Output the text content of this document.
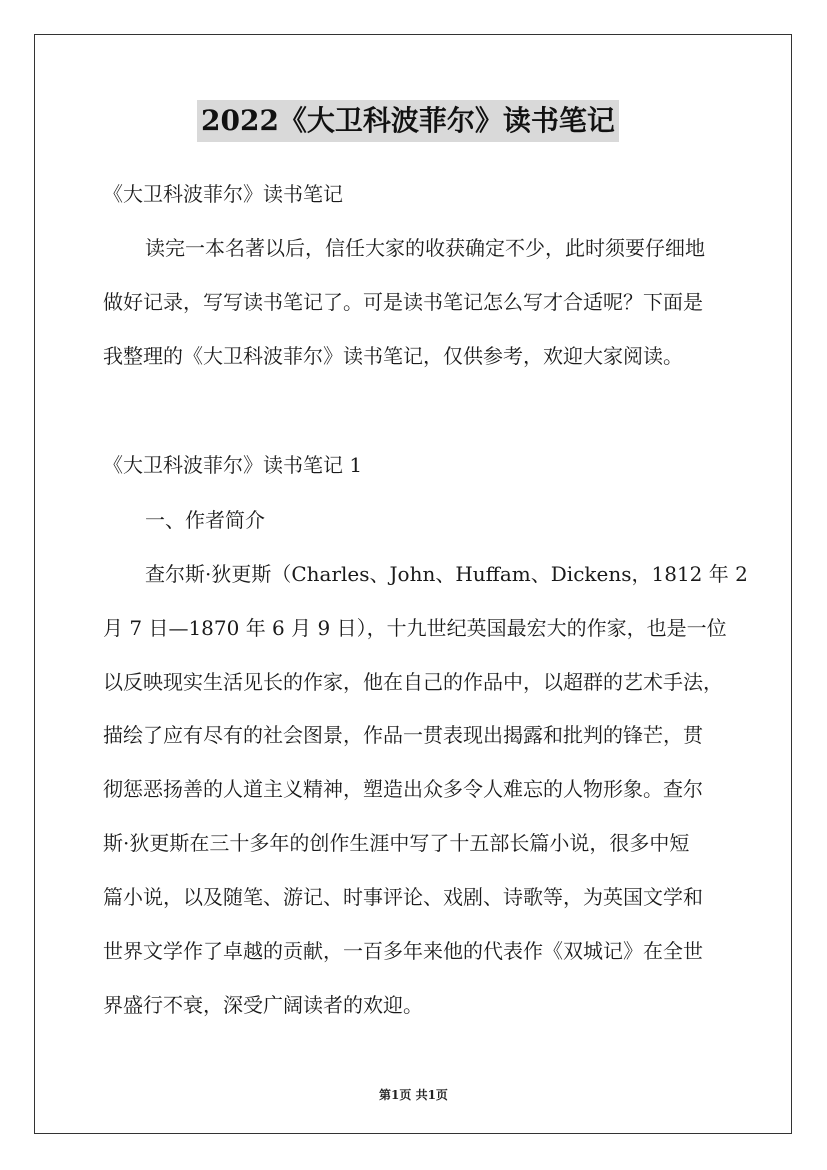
2022《大卫科波菲尔》读书笔记
《大卫科波菲尔》读书笔记
读完一本名著以后，信任大家的收获确定不少，此时须要仔细地
做好记录，写写读书笔记了。可是读书笔记怎么写才合适呢？下面是
我整理的《大卫科波菲尔》读书笔记，仅供参考，欢迎大家阅读。
《大卫科波菲尔》读书笔记 1
一、作者简介
查尔斯·狄更斯（Charles、John、Huffam、Dickens，1812 年 2
月 7 日—1870 年 6 月 9 日），十九世纪英国最宏大的作家，也是一位
以反映现实生活见长的作家，他在自己的作品中，以超群的艺术手法，
描绘了应有尽有的社会图景，作品一贯表现出揭露和批判的锋芒，贯
彻惩恶扬善的人道主义精神，塑造出众多令人难忘的人物形象。查尔
斯·狄更斯在三十多年的创作生涯中写了十五部长篇小说，很多中短
篇小说，以及随笔、游记、时事评论、戏剧、诗歌等，为英国文学和
世界文学作了卓越的贡献，一百多年来他的代表作《双城记》在全世
界盛行不衰，深受广阔读者的欢迎。
第1页 共1页
